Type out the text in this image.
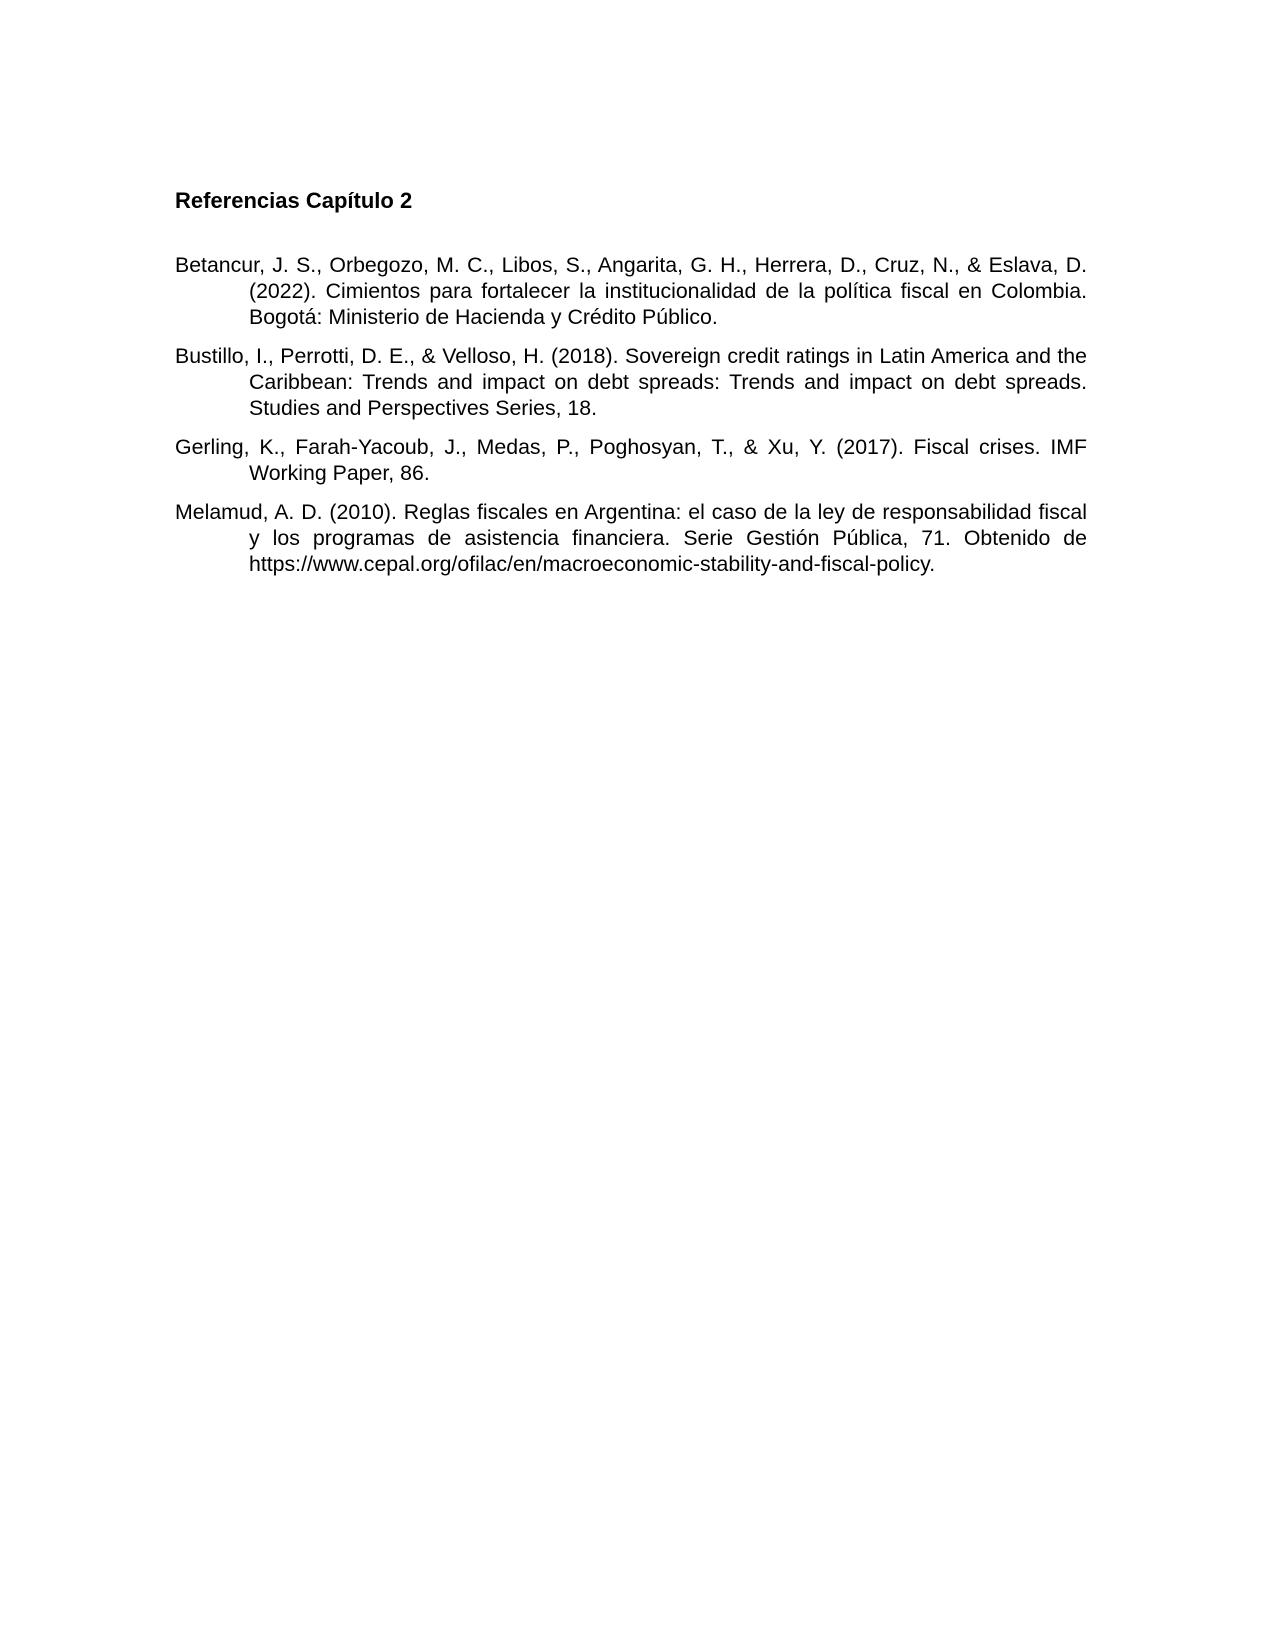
Referencias Capítulo 2
Betancur, J. S., Orbegozo, M. C., Libos, S., Angarita, G. H., Herrera, D., Cruz, N., & Eslava, D. (2022). Cimientos para fortalecer la institucionalidad de la política fiscal en Colombia. Bogotá: Ministerio de Hacienda y Crédito Público.
Bustillo, I., Perrotti, D. E., & Velloso, H. (2018). Sovereign credit ratings in Latin America and the Caribbean: Trends and impact on debt spreads: Trends and impact on debt spreads. Studies and Perspectives Series, 18.
Gerling, K., Farah-Yacoub, J., Medas, P., Poghosyan, T., & Xu, Y. (2017). Fiscal crises. IMF Working Paper, 86.
Melamud, A. D. (2010). Reglas fiscales en Argentina: el caso de la ley de responsabilidad fiscal y los programas de asistencia financiera. Serie Gestión Pública, 71. Obtenido de https://www.cepal.org/ofilac/en/macroeconomic-stability-and-fiscal-policy.
